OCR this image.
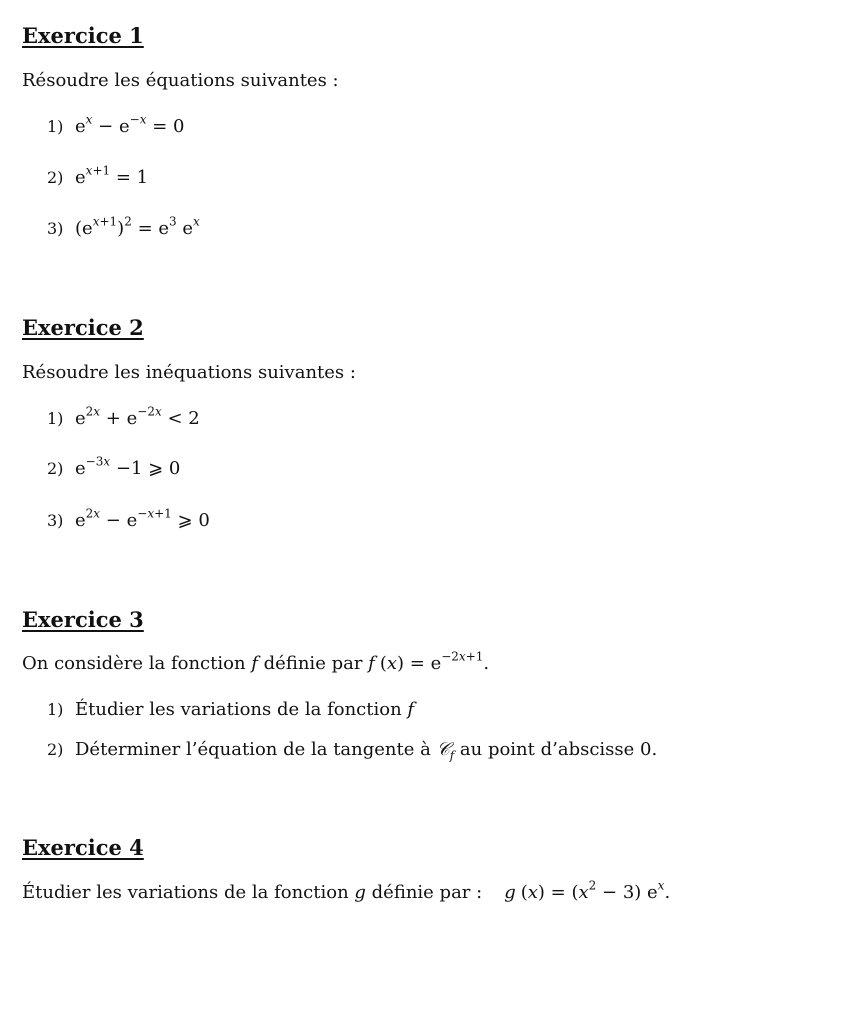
Exercice 1

Résoudre les équations suivantes :

1) $e^x - e^{-x} = 0$

2) $e^{x+1} = 1$

3) $(e^{x+1})^2 = e^3$ $e^x$

Exercice 2

Résoudre les inéquations suivantes :

1) $e^{2x} + e^{-2x} < 2$

2) $e^{-3x} -1$ ⩾ 0

3) $e^{2x} - e^{-x+1}$ ⩾ 0

Exercice 3

On considère la fonction f définie par f $(x) = e^{-2x+1}$.

1) Étudier les variations de la fonction f

2) Déterminer l’équation de la tangente à 𝒞$_f$ au point d’abscisse 0.

Exercice 4

Étudier les variations de la fonction g définie par : g $(x) = (x^2 - 3)$ $e^x$.
